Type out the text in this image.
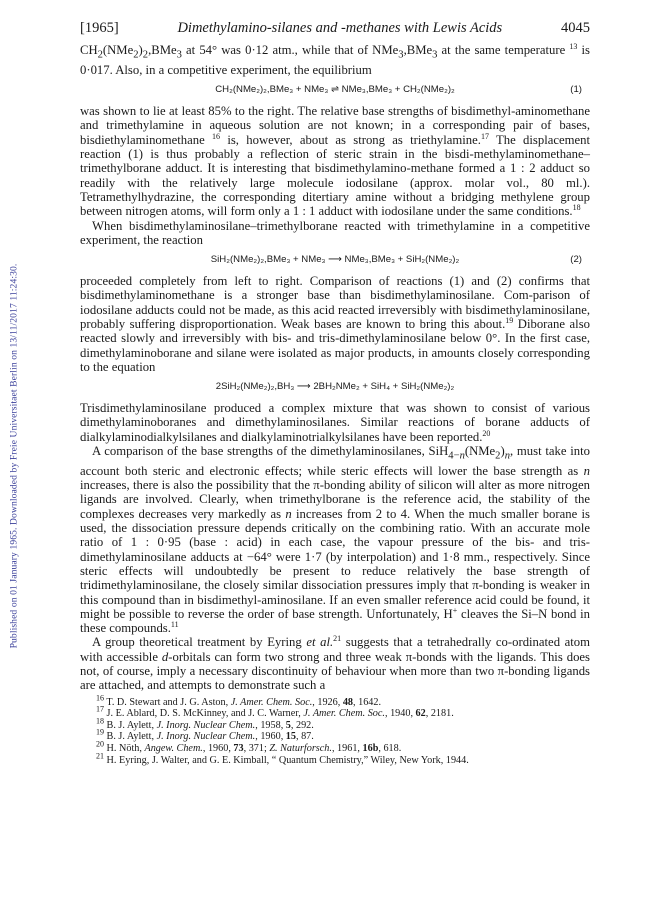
Published on 01 January 1965. Downloaded by Freie Universitaet Berlin on 13/11/2017 11:24:30.
[1965]	Dimethylamino-silanes and -methanes with Lewis Acids	4045

$CH_2(NMe_2)_2,BMe_3$ at 54° was 0·12 atm., while that of NMe$_3$,BMe$_3$ at the same temperature $^{13}$ is 0·017. Also, in a competitive experiment, the equilibrium

CH₂(NMe₂)₂,BMe₃ + NMe₃ ⇌ NMe₃,BMe₃ + CH₂(NMe₂)₂	(1)

was shown to lie at least 85% to the right. The relative base strengths of bisdimethyl-aminomethane and trimethylamine in aqueous solution are not known; in a corresponding pair of bases, bisdiethylaminomethane $^{16}$ is, however, about as strong as triethylamine.$^{17}$ The displacement reaction (1) is thus probably a reflection of steric strain in the bisdi-methylaminomethane–trimethylborane adduct. It is interesting that bisdimethylamino-methane formed a 1 : 2 adduct so readily with the relatively large molecule iodosilane (approx. molar vol., 80 ml.). Tetramethylhydrazine, the corresponding ditertiary amine without a bridging methylene group between nitrogen atoms, will form only a 1 : 1 adduct with iodosilane under the same conditions.$^{18}$

When bisdimethylaminosilane–trimethylborane reacted with trimethylamine in a competitive experiment, the reaction

SiH₂(NMe₂)₂,BMe₃ + NMe₃ ⟶ NMe₃,BMe₃ + SiH₂(NMe₂)₂	(2)

proceeded completely from left to right. Comparison of reactions (1) and (2) confirms that bisdimethylaminomethane is a stronger base than bisdimethylaminosilane. Com-parison of iodosilane adducts could not be made, as this acid reacted irreversibly with bisdimethylaminosilane, probably suffering disproportionation. Weak bases are known to bring this about.$^{19}$ Diborane also reacted slowly and irreversibly with bis- and tris-dimethylaminosilane below 0°. In the first case, dimethylaminoborane and silane were isolated as major products, in amounts closely corresponding to the equation

2SiH₂(NMe₂)₂,BH₃ ⟶ 2BH₂NMe₂ + SiH₄ + SiH₂(NMe₂)₂

Trisdimethylaminosilane produced a complex mixture that was shown to consist of various dimethylaminoboranes and dimethylaminosilanes. Similar reactions of borane adducts of dialkylaminodialkylsilanes and dialkylaminotrialkylsilanes have been reported.$^{20}$

A comparison of the base strengths of the dimethylaminosilanes, $SiH_{4-n}(NMe_2)_n$, must take into account both steric and electronic effects; while steric effects will lower the base strength as n increases, there is also the possibility that the π-bonding ability of silicon will alter as more nitrogen ligands are involved. Clearly, when trimethylborane is the reference acid, the stability of the complexes decreases very markedly as n increases from 2 to 4. When the much smaller borane is used, the dissociation pressure depends critically on the combining ratio. With an accurate mole ratio of 1 : 0·95 (base : acid) in each case, the vapour pressure of the bis- and tris-dimethylaminosilane adducts at −64° were 1·7 (by interpolation) and 1·8 mm., respectively. Since steric effects will undoubtedly be present to reduce relatively the base strength of tridimethylaminosilane, the closely similar dissociation pressures imply that π-bonding is weaker in this compound than in bisdimethyl-aminosilane. If an even smaller reference acid could be found, it might be possible to reverse the order of base strength. Unfortunately, H+ cleaves the Si–N bond in these compounds.$^{11}$

A group theoretical treatment by Eyring et al.$^{21}$ suggests that a tetrahedrally co-ordinated atom with accessible d-orbitals can form two strong and three weak π-bonds with the ligands. This does not, of course, imply a necessary discontinuity of behaviour when more than two π-bonding ligands are attached, and attempts to demonstrate such a

$^{16}$ T. D. Stewart and J. G. Aston, J. Amer. Chem. Soc., 1926, 48, 1642.
$^{17}$ J. E. Ablard, D. S. McKinney, and J. C. Warner, J. Amer. Chem. Soc., 1940, 62, 2181.
$^{18}$ B. J. Aylett, J. Inorg. Nuclear Chem., 1958, 5, 292.
$^{19}$ B. J. Aylett, J. Inorg. Nuclear Chem., 1960, 15, 87.
$^{20}$ H. Nöth, Angew. Chem., 1960, 73, 371; Z. Naturforsch., 1961, 16b, 618.
$^{21}$ H. Eyring, J. Walter, and G. E. Kimball, “ Quantum Chemistry,” Wiley, New York, 1944.
